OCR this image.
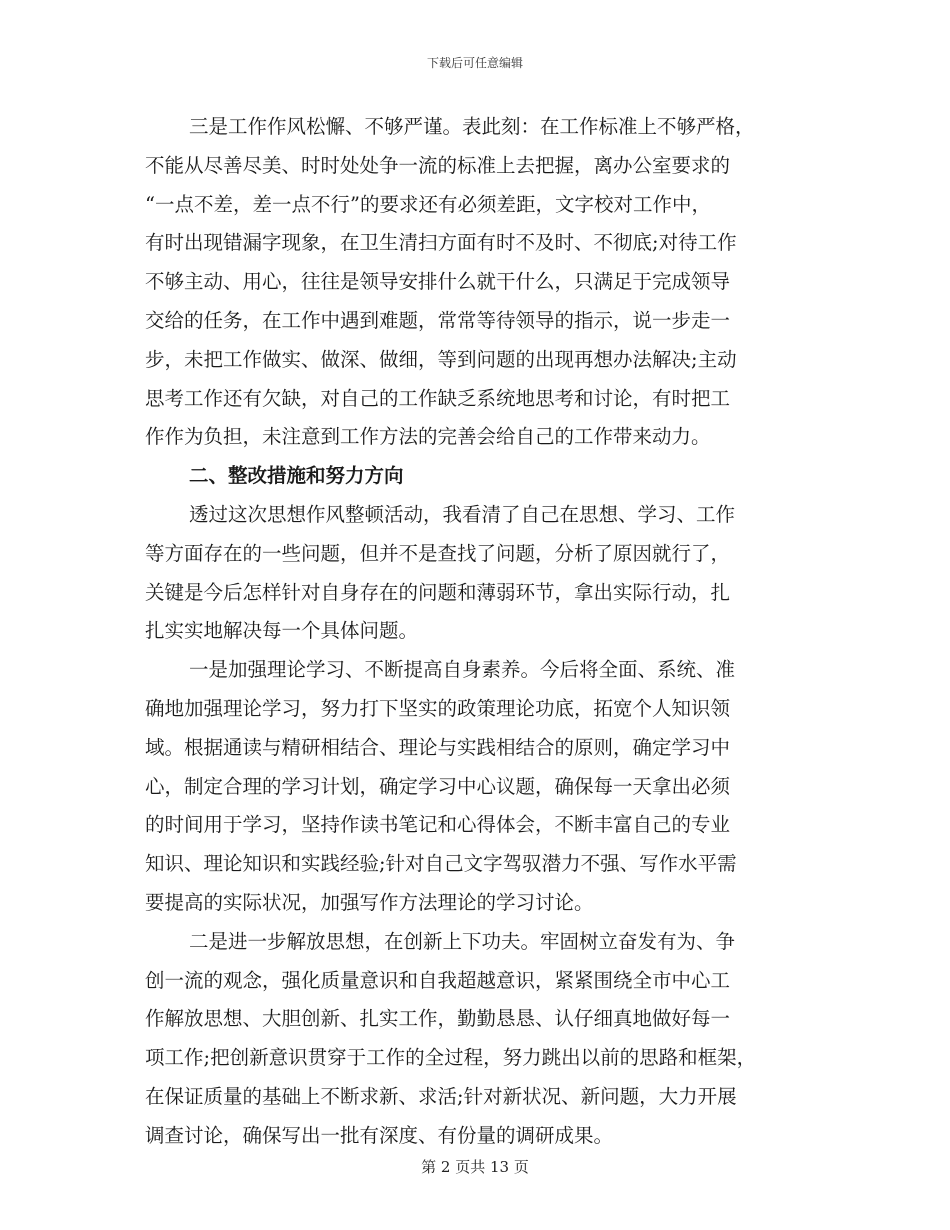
下载后可任意编辑
三是工作作风松懈、不够严谨。表此刻：在工作标准上不够严格，
不能从尽善尽美、时时处处争一流的标准上去把握，离办公室要求的
“一点不差，差一点不行”的要求还有必须差距，文字校对工作中，
有时出现错漏字现象，在卫生清扫方面有时不及时、不彻底;对待工作
不够主动、用心，往往是领导安排什么就干什么，只满足于完成领导
交给的任务，在工作中遇到难题，常常等待领导的指示，说一步走一
步，未把工作做实、做深、做细，等到问题的出现再想办法解决;主动
思考工作还有欠缺，对自己的工作缺乏系统地思考和讨论，有时把工
作作为负担，未注意到工作方法的完善会给自己的工作带来动力。
二、整改措施和努力方向
透过这次思想作风整顿活动，我看清了自己在思想、学习、工作
等方面存在的一些问题，但并不是查找了问题，分析了原因就行了，
关键是今后怎样针对自身存在的问题和薄弱环节，拿出实际行动，扎
扎实实地解决每一个具体问题。
一是加强理论学习、不断提高自身素养。今后将全面、系统、准
确地加强理论学习，努力打下坚实的政策理论功底，拓宽个人知识领
域。根据通读与精研相结合、理论与实践相结合的原则，确定学习中
心，制定合理的学习计划，确定学习中心议题，确保每一天拿出必须
的时间用于学习，坚持作读书笔记和心得体会，不断丰富自己的专业
知识、理论知识和实践经验;针对自己文字驾驭潜力不强、写作水平需
要提高的实际状况，加强写作方法理论的学习讨论。
二是进一步解放思想，在创新上下功夫。牢固树立奋发有为、争
创一流的观念，强化质量意识和自我超越意识，紧紧围绕全市中心工
作解放思想、大胆创新、扎实工作，勤勤恳恳、认仔细真地做好每一
项工作;把创新意识贯穿于工作的全过程，努力跳出以前的思路和框架，
在保证质量的基础上不断求新、求活;针对新状况、新问题，大力开展
调查讨论，确保写出一批有深度、有份量的调研成果。
第 2 页共 13 页
